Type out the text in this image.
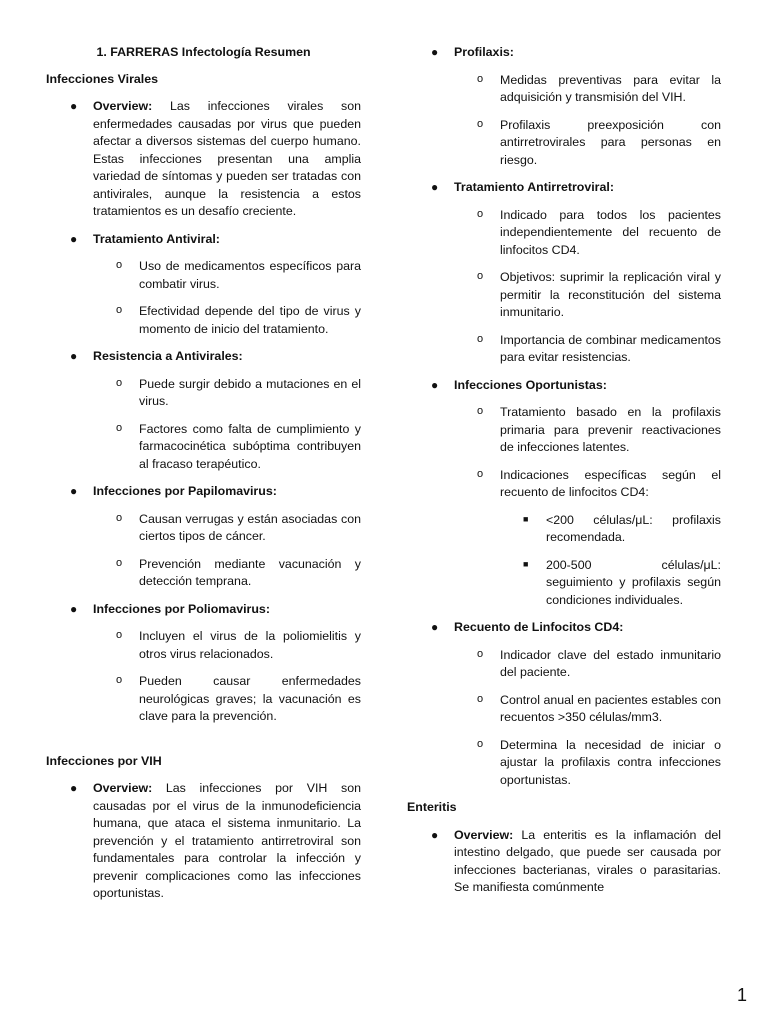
1. FARRERAS Infectología Resumen
Infecciones Virales
● Overview: Las infecciones virales son enfermedades causadas por virus que pueden afectar a diversos sistemas del cuerpo humano. Estas infecciones presentan una amplia variedad de síntomas y pueden ser tratadas con antivirales, aunque la resistencia a estos tratamientos es un desafío creciente.
● Tratamiento Antiviral:
o Uso de medicamentos específicos para combatir virus.
o Efectividad depende del tipo de virus y momento de inicio del tratamiento.
● Resistencia a Antivirales:
o Puede surgir debido a mutaciones en el virus.
o Factores como falta de cumplimiento y farmacocinética subóptima contribuyen al fracaso terapéutico.
● Infecciones por Papilomavirus:
o Causan verrugas y están asociadas con ciertos tipos de cáncer.
o Prevención mediante vacunación y detección temprana.
● Infecciones por Poliomavirus:
o Incluyen el virus de la poliomielitis y otros virus relacionados.
o Pueden causar enfermedades neurológicas graves; la vacunación es clave para la prevención.
Infecciones por VIH
● Overview: Las infecciones por VIH son causadas por el virus de la inmunodeficiencia humana, que ataca el sistema inmunitario. La prevención y el tratamiento antirretroviral son fundamentales para controlar la infección y prevenir complicaciones como las infecciones oportunistas.
● Profilaxis:
o Medidas preventivas para evitar la adquisición y transmisión del VIH.
o Profilaxis preexposición con antirretrovirales para personas en riesgo.
● Tratamiento Antirretroviral:
o Indicado para todos los pacientes independientemente del recuento de linfocitos CD4.
o Objetivos: suprimir la replicación viral y permitir la reconstitución del sistema inmunitario.
o Importancia de combinar medicamentos para evitar resistencias.
● Infecciones Oportunistas:
o Tratamiento basado en la profilaxis primaria para prevenir reactivaciones de infecciones latentes.
o Indicaciones específicas según el recuento de linfocitos CD4:
■ <200 células/μL: profilaxis recomendada.
■ 200-500 células/μL: seguimiento y profilaxis según condiciones individuales.
● Recuento de Linfocitos CD4:
o Indicador clave del estado inmunitario del paciente.
o Control anual en pacientes estables con recuentos >350 células/mm3.
o Determina la necesidad de iniciar o ajustar la profilaxis contra infecciones oportunistas.
Enteritis
● Overview: La enteritis es la inflamación del intestino delgado, que puede ser causada por infecciones bacterianas, virales o parasitarias. Se manifiesta comúnmente
1
